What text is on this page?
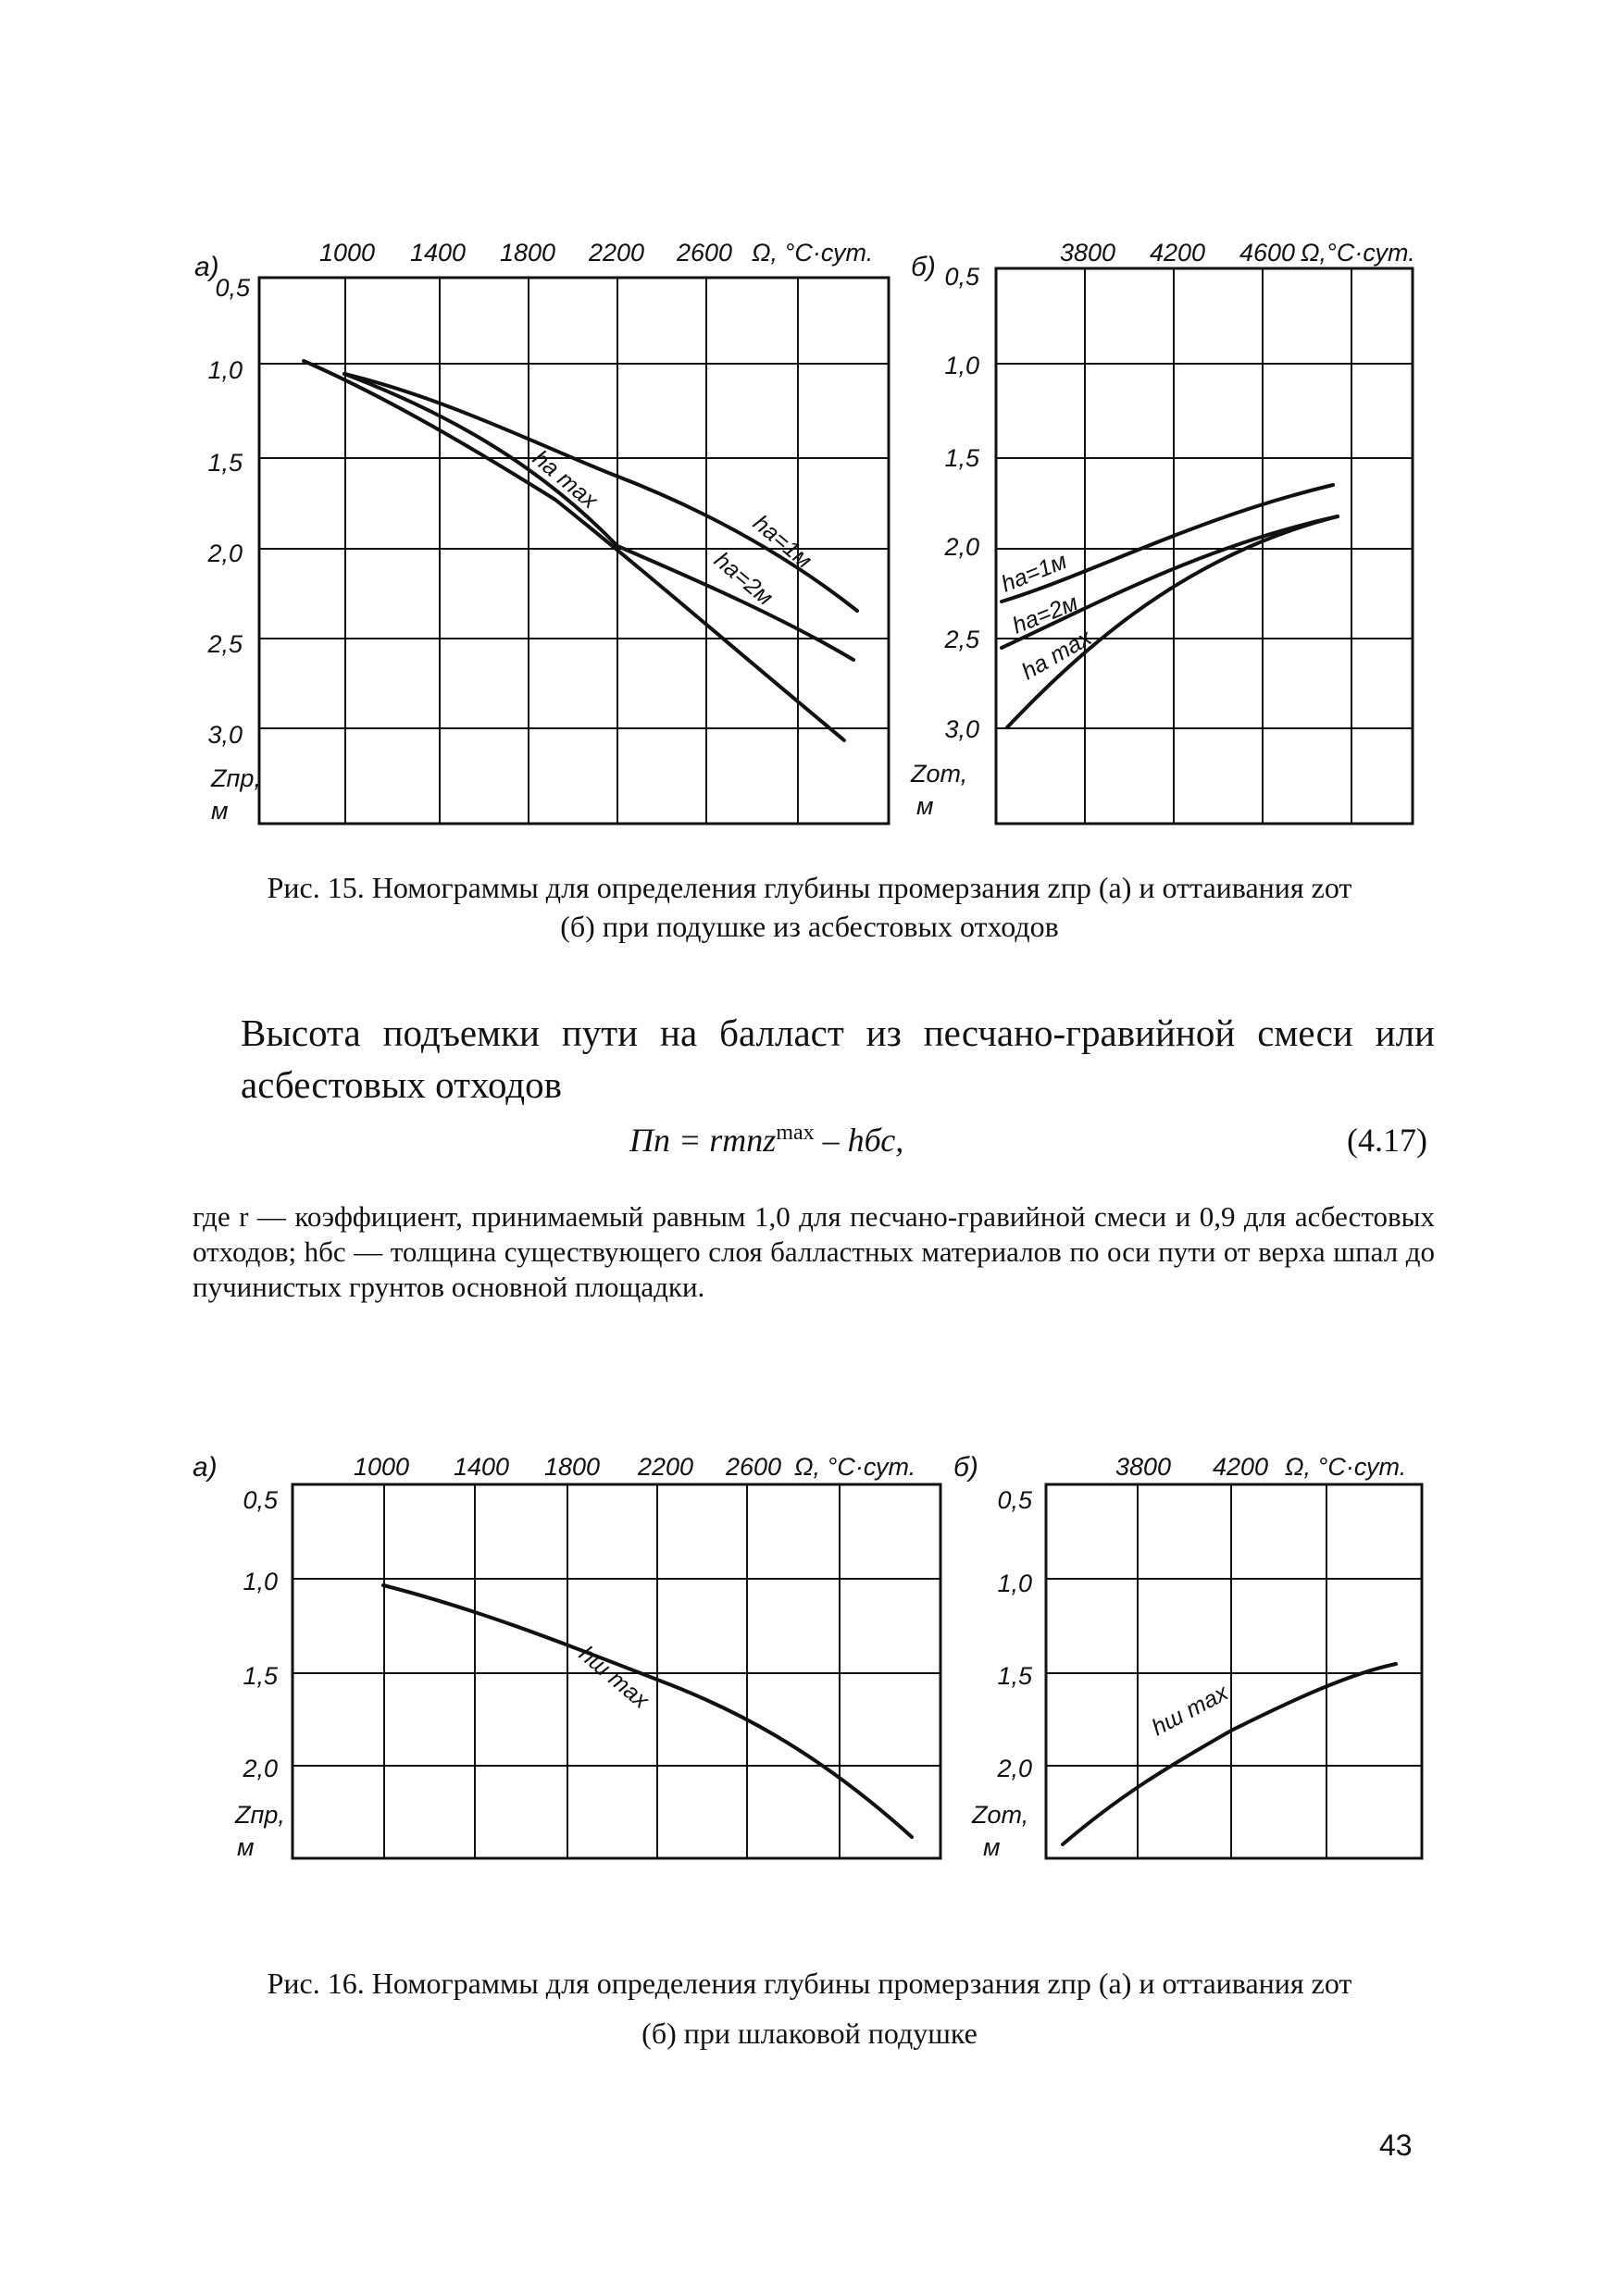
а)	1000 1400 1800 2200 2600 Ω, °С·сут.
0,5
1,0
1,5
2,0
2,5
3,0
Zпр,
м
ha=1м
ha=2м
ha max
б)	3800 4200 4600 Ω,°С·сут.
0,5
1,0
1,5
2,0
2,5
3,0
Zот,
м
ha=1м
ha=2м
ha max
Рис. 15. Номограммы для определения глубины промерзания zпр (а) и оттаивания zот
(б) при подушке из асбестовых отходов
Высота подъемки пути на балласт из песчано-гравийной смеси или асбестовых отходов
Пп = rmnz$^{max}$ – hбс,	(4.17)
где r — коэффициент, принимаемый равным 1,0 для песчано-гравийной смеси и 0,9 для асбестовых отходов; hбс — толщина существующего слоя балластных материалов по оси пути от верха шпал до пучинистых грунтов основной площадки.
а)	1000 1400 1800 2200 2600 Ω, °С·сут.
0,5
1,0
1,5
2,0
Zпр,
м
hш max
б)	3800 4200 Ω, °С·сут.
0,5
1,0
1,5
2,0
Zот,
м
hш max
Рис. 16. Номограммы для определения глубины промерзания zпр (а) и оттаивания zот
(б) при шлаковой подушке
43
